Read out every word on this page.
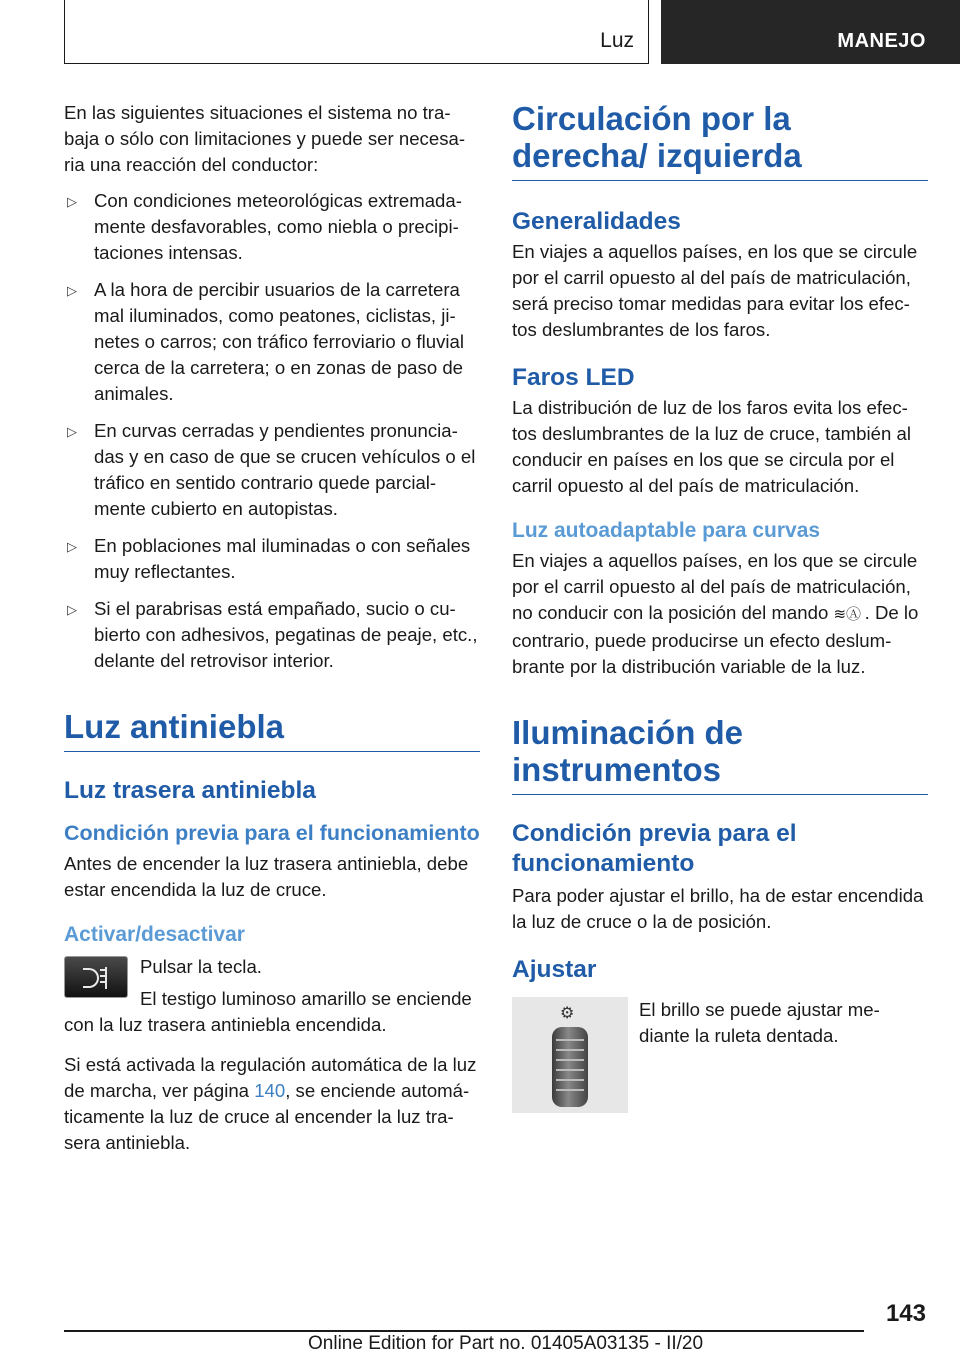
Luz	MANEJO

En las siguientes situaciones el sistema no tra-baja o sólo con limitaciones y puede ser necesa-ria una reacción del conductor:

▷ Con condiciones meteorológicas extremada-mente desfavorables, como niebla o precipi-taciones intensas.
▷ A la hora de percibir usuarios de la carretera mal iluminados, como peatones, ciclistas, ji-netes o carros; con tráfico ferroviario o fluvial cerca de la carretera; o en zonas de paso de animales.
▷ En curvas cerradas y pendientes pronuncia-das y en caso de que se crucen vehículos o el tráfico en sentido contrario quede parcial-mente cubierto en autopistas.
▷ En poblaciones mal iluminadas o con señales muy reflectantes.
▷ Si el parabrisas está empañado, sucio o cu-bierto con adhesivos, pegatinas de peaje, etc., delante del retrovisor interior.
Luz antiniebla
Luz trasera antiniebla
Condición previa para el funcionamiento

Antes de encender la luz trasera antiniebla, debe estar encendida la luz de cruce.

Activar/desactivar

Pulsar la tecla.

El testigo luminoso amarillo se enciende con la luz trasera antiniebla encendida.

Si está activada la regulación automática de la luz de marcha, ver página 140, se enciende automá-ticamente la luz de cruce al encender la luz tra-sera antiniebla.

Circulación por la derecha/ izquierda
Generalidades

En viajes a aquellos países, en los que se circule por el carril opuesto al del país de matriculación, será preciso tomar medidas para evitar los efec-tos deslumbrantes de los faros.

Faros LED

La distribución de luz de los faros evita los efec-tos deslumbrantes de la luz de cruce, también al conducir en países en los que se circula por el carril opuesto al del país de matriculación.

Luz autoadaptable para curvas

En viajes a aquellos países, en los que se circule por el carril opuesto al del país de matriculación, no conducir con la posición del mando ≋Ⓐ . De lo contrario, puede producirse un efecto deslum-brante por la distribución variable de la luz.

Iluminación de instrumentos
Condición previa para el funcionamiento

Para poder ajustar el brillo, ha de estar encendida la luz de cruce o la de posición.

Ajustar
⚙	El brillo se puede ajustar me-diante la ruleta dentada.

143
Online Edition for Part no. 01405A03135 - II/20
